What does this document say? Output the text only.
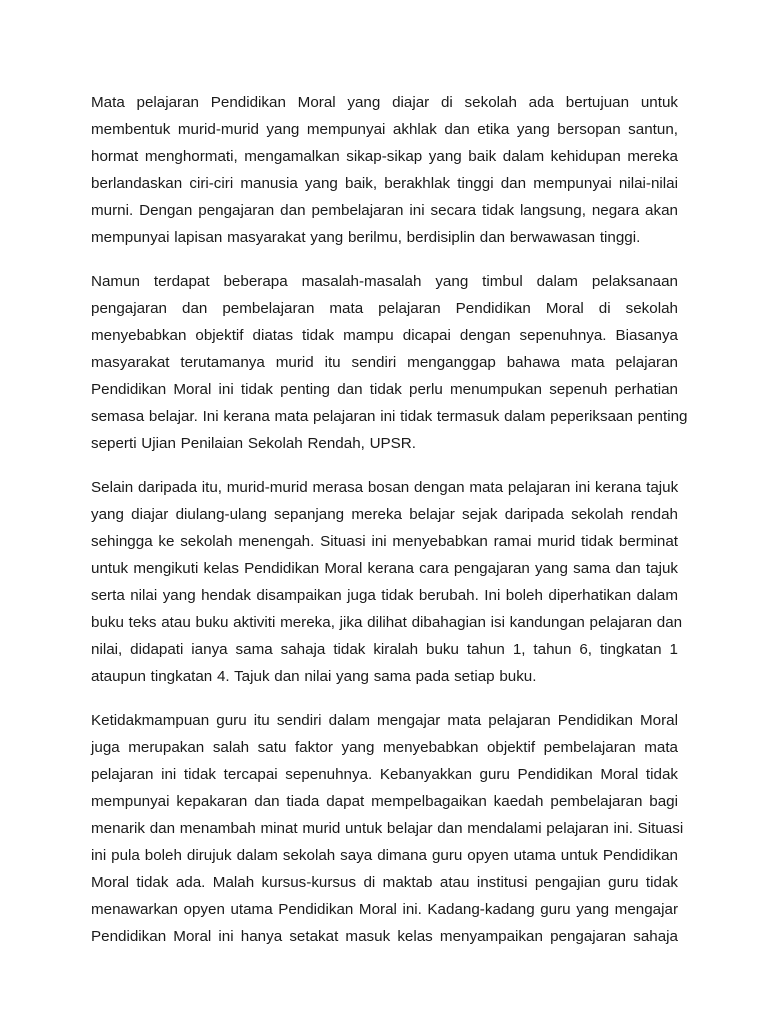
Mata pelajaran Pendidikan Moral yang diajar di sekolah ada bertujuan untuk
membentuk murid-murid yang mempunyai akhlak dan etika yang bersopan santun,
hormat menghormati, mengamalkan sikap-sikap yang baik dalam kehidupan mereka
berlandaskan ciri-ciri manusia yang baik, berakhlak tinggi dan mempunyai nilai-nilai
murni. Dengan pengajaran dan pembelajaran ini secara tidak langsung, negara akan
mempunyai lapisan masyarakat yang berilmu, berdisiplin dan berwawasan tinggi.

Namun terdapat beberapa masalah-masalah yang timbul dalam pelaksanaan
pengajaran dan pembelajaran mata pelajaran Pendidikan Moral di sekolah
menyebabkan objektif diatas tidak mampu dicapai dengan sepenuhnya. Biasanya
masyarakat terutamanya murid itu sendiri menganggap bahawa mata pelajaran
Pendidikan Moral ini tidak penting dan tidak perlu menumpukan sepenuh perhatian
semasa belajar. Ini kerana mata pelajaran ini tidak termasuk dalam peperiksaan penting
seperti Ujian Penilaian Sekolah Rendah, UPSR.

Selain daripada itu, murid-murid merasa bosan dengan mata pelajaran ini kerana tajuk
yang diajar diulang-ulang sepanjang mereka belajar sejak daripada sekolah rendah
sehingga ke sekolah menengah. Situasi ini menyebabkan ramai murid tidak berminat
untuk mengikuti kelas Pendidikan Moral kerana cara pengajaran yang sama dan tajuk
serta nilai yang hendak disampaikan juga tidak berubah. Ini boleh diperhatikan dalam
buku teks atau buku aktiviti mereka, jika dilihat dibahagian isi kandungan pelajaran dan
nilai, didapati ianya sama sahaja tidak kiralah buku tahun 1, tahun 6, tingkatan 1
ataupun tingkatan 4. Tajuk dan nilai yang sama pada setiap buku.

Ketidakmampuan guru itu sendiri dalam mengajar mata pelajaran Pendidikan Moral
juga merupakan salah satu faktor yang menyebabkan objektif pembelajaran mata
pelajaran ini tidak tercapai sepenuhnya. Kebanyakkan guru Pendidikan Moral tidak
mempunyai kepakaran dan tiada dapat mempelbagaikan kaedah pembelajaran bagi
menarik dan menambah minat murid untuk belajar dan mendalami pelajaran ini. Situasi
ini pula boleh dirujuk dalam sekolah saya dimana guru opyen utama untuk Pendidikan
Moral tidak ada. Malah kursus-kursus di maktab atau institusi pengajian guru tidak
menawarkan opyen utama Pendidikan Moral ini. Kadang-kadang guru yang mengajar
Pendidikan Moral ini hanya setakat masuk kelas menyampaikan pengajaran sahaja
